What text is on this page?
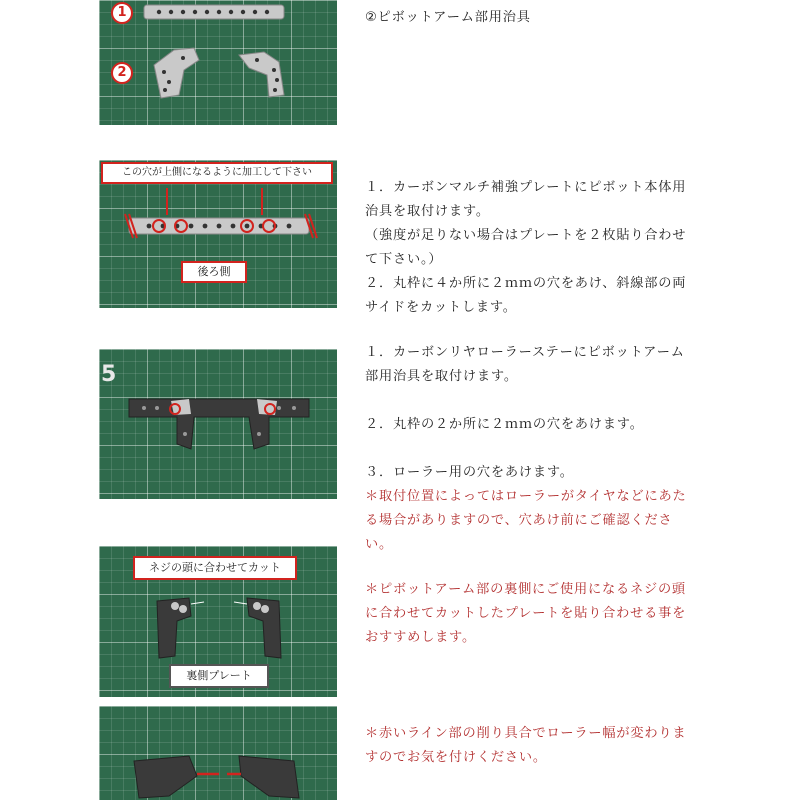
1
2

②ピボットアーム部用治具

この穴が上側になるように加工して下さい
後ろ側

１．カーボンマルチ補強プレートにピボット本体用

治具を取付けます。

（強度が足りない場合はプレートを２枚貼り合わせ

て下さい。）

２．丸枠に４か所に２ｍｍの穴をあけ、斜線部の両

サイドをカットします。

5

１．カーボンリヤローラーステーにピボットアーム

部用治具を取付けます。

２．丸枠の２か所に２ｍｍの穴をあけます。

３．ローラー用の穴をあけます。

＊取付位置によってはローラーがタイヤなどにあた

る場合がありますので、穴あけ前にご確認ください。

ネジの頭に合わせてカット
裏側プレート

＊ピボットアーム部の裏側にご使用になるネジの頭

に合わせてカットしたプレートを貼り合わせる事を

おすすめします。

＊赤いライン部の削り具合でローラー幅が変わりま

すのでお気を付けください。
